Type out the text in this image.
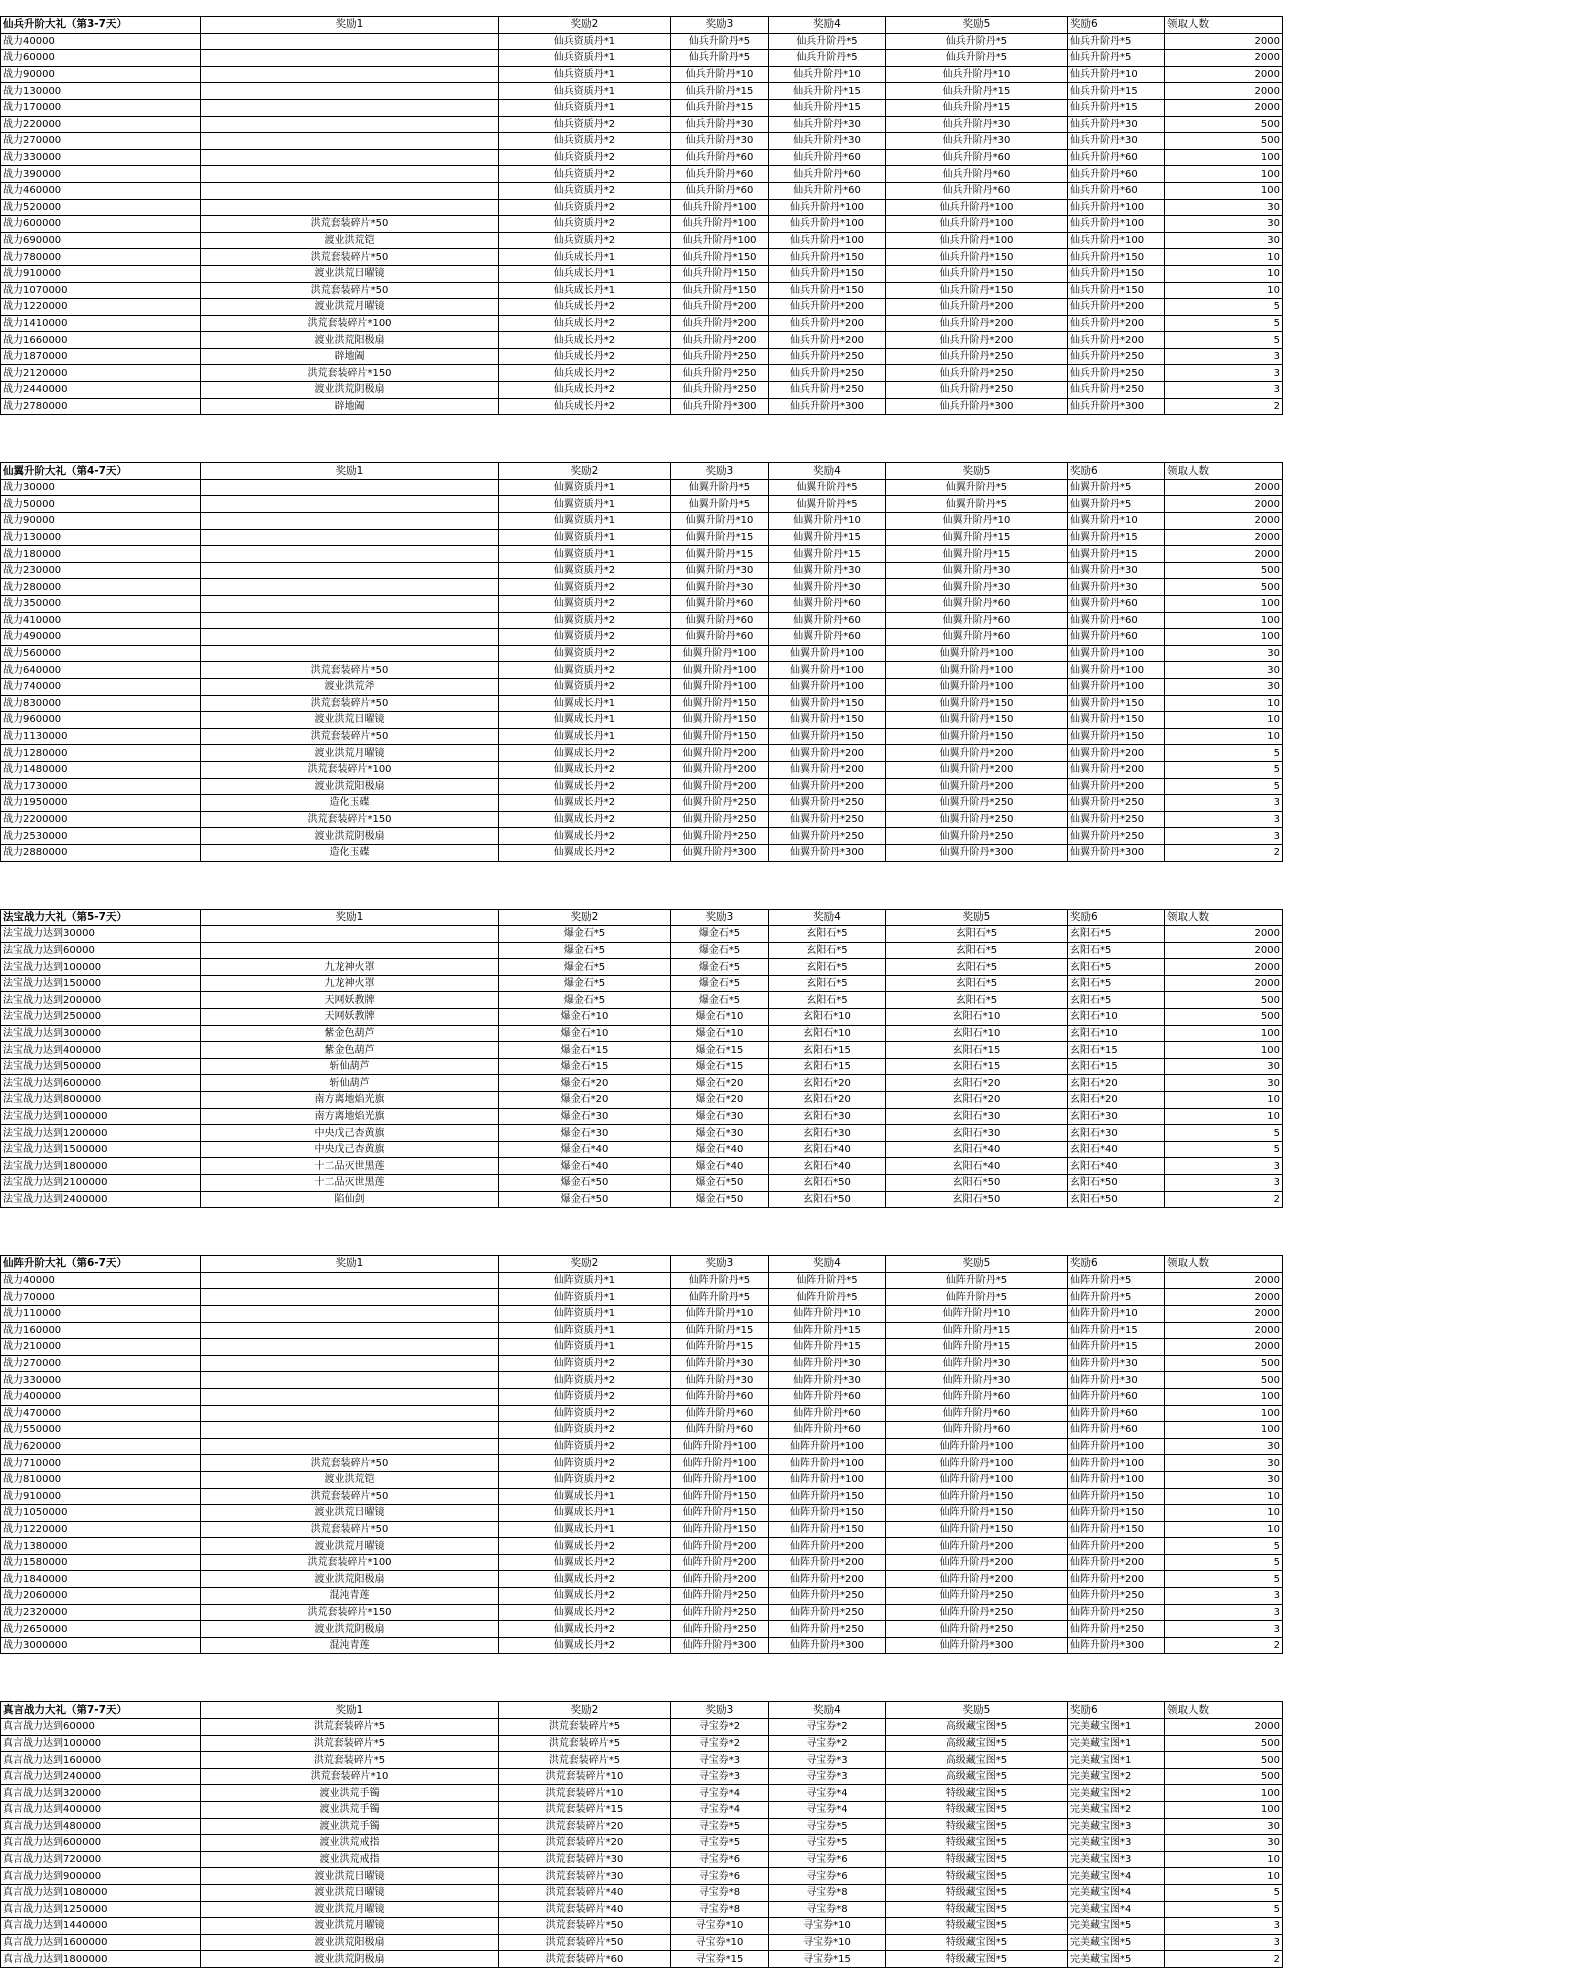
仙兵升阶大礼（第3-7天）	奖励1	奖励2	奖励3	奖励4	奖励5	奖励6	领取人数
战力40000		仙兵资质丹*1	仙兵升阶丹*5	仙兵升阶丹*5	仙兵升阶丹*5	仙兵升阶丹*5	2000
战力60000		仙兵资质丹*1	仙兵升阶丹*5	仙兵升阶丹*5	仙兵升阶丹*5	仙兵升阶丹*5	2000
战力90000		仙兵资质丹*1	仙兵升阶丹*10	仙兵升阶丹*10	仙兵升阶丹*10	仙兵升阶丹*10	2000
战力130000		仙兵资质丹*1	仙兵升阶丹*15	仙兵升阶丹*15	仙兵升阶丹*15	仙兵升阶丹*15	2000
战力170000		仙兵资质丹*1	仙兵升阶丹*15	仙兵升阶丹*15	仙兵升阶丹*15	仙兵升阶丹*15	2000
战力220000		仙兵资质丹*2	仙兵升阶丹*30	仙兵升阶丹*30	仙兵升阶丹*30	仙兵升阶丹*30	500
战力270000		仙兵资质丹*2	仙兵升阶丹*30	仙兵升阶丹*30	仙兵升阶丹*30	仙兵升阶丹*30	500
战力330000		仙兵资质丹*2	仙兵升阶丹*60	仙兵升阶丹*60	仙兵升阶丹*60	仙兵升阶丹*60	100
战力390000		仙兵资质丹*2	仙兵升阶丹*60	仙兵升阶丹*60	仙兵升阶丹*60	仙兵升阶丹*60	100
战力460000		仙兵资质丹*2	仙兵升阶丹*60	仙兵升阶丹*60	仙兵升阶丹*60	仙兵升阶丹*60	100
战力520000		仙兵资质丹*2	仙兵升阶丹*100	仙兵升阶丹*100	仙兵升阶丹*100	仙兵升阶丹*100	30
战力600000	洪荒套装碎片*50	仙兵资质丹*2	仙兵升阶丹*100	仙兵升阶丹*100	仙兵升阶丹*100	仙兵升阶丹*100	30
战力690000	渡业洪荒铠	仙兵资质丹*2	仙兵升阶丹*100	仙兵升阶丹*100	仙兵升阶丹*100	仙兵升阶丹*100	30
战力780000	洪荒套装碎片*50	仙兵成长丹*1	仙兵升阶丹*150	仙兵升阶丹*150	仙兵升阶丹*150	仙兵升阶丹*150	10
战力910000	渡业洪荒日曜镜	仙兵成长丹*1	仙兵升阶丹*150	仙兵升阶丹*150	仙兵升阶丹*150	仙兵升阶丹*150	10
战力1070000	洪荒套装碎片*50	仙兵成长丹*1	仙兵升阶丹*150	仙兵升阶丹*150	仙兵升阶丹*150	仙兵升阶丹*150	10
战力1220000	渡业洪荒月曜镜	仙兵成长丹*2	仙兵升阶丹*200	仙兵升阶丹*200	仙兵升阶丹*200	仙兵升阶丹*200	5
战力1410000	洪荒套装碎片*100	仙兵成长丹*2	仙兵升阶丹*200	仙兵升阶丹*200	仙兵升阶丹*200	仙兵升阶丹*200	5
战力1660000	渡业洪荒阳极扇	仙兵成长丹*2	仙兵升阶丹*200	仙兵升阶丹*200	仙兵升阶丹*200	仙兵升阶丹*200	5
战力1870000	辟地阖	仙兵成长丹*2	仙兵升阶丹*250	仙兵升阶丹*250	仙兵升阶丹*250	仙兵升阶丹*250	3
战力2120000	洪荒套装碎片*150	仙兵成长丹*2	仙兵升阶丹*250	仙兵升阶丹*250	仙兵升阶丹*250	仙兵升阶丹*250	3
战力2440000	渡业洪荒阴极扇	仙兵成长丹*2	仙兵升阶丹*250	仙兵升阶丹*250	仙兵升阶丹*250	仙兵升阶丹*250	3
战力2780000	辟地阖	仙兵成长丹*2	仙兵升阶丹*300	仙兵升阶丹*300	仙兵升阶丹*300	仙兵升阶丹*300	2
仙翼升阶大礼（第4-7天）	奖励1	奖励2	奖励3	奖励4	奖励5	奖励6	领取人数
战力30000		仙翼资质丹*1	仙翼升阶丹*5	仙翼升阶丹*5	仙翼升阶丹*5	仙翼升阶丹*5	2000
战力50000		仙翼资质丹*1	仙翼升阶丹*5	仙翼升阶丹*5	仙翼升阶丹*5	仙翼升阶丹*5	2000
战力90000		仙翼资质丹*1	仙翼升阶丹*10	仙翼升阶丹*10	仙翼升阶丹*10	仙翼升阶丹*10	2000
战力130000		仙翼资质丹*1	仙翼升阶丹*15	仙翼升阶丹*15	仙翼升阶丹*15	仙翼升阶丹*15	2000
战力180000		仙翼资质丹*1	仙翼升阶丹*15	仙翼升阶丹*15	仙翼升阶丹*15	仙翼升阶丹*15	2000
战力230000		仙翼资质丹*2	仙翼升阶丹*30	仙翼升阶丹*30	仙翼升阶丹*30	仙翼升阶丹*30	500
战力280000		仙翼资质丹*2	仙翼升阶丹*30	仙翼升阶丹*30	仙翼升阶丹*30	仙翼升阶丹*30	500
战力350000		仙翼资质丹*2	仙翼升阶丹*60	仙翼升阶丹*60	仙翼升阶丹*60	仙翼升阶丹*60	100
战力410000		仙翼资质丹*2	仙翼升阶丹*60	仙翼升阶丹*60	仙翼升阶丹*60	仙翼升阶丹*60	100
战力490000		仙翼资质丹*2	仙翼升阶丹*60	仙翼升阶丹*60	仙翼升阶丹*60	仙翼升阶丹*60	100
战力560000		仙翼资质丹*2	仙翼升阶丹*100	仙翼升阶丹*100	仙翼升阶丹*100	仙翼升阶丹*100	30
战力640000	洪荒套装碎片*50	仙翼资质丹*2	仙翼升阶丹*100	仙翼升阶丹*100	仙翼升阶丹*100	仙翼升阶丹*100	30
战力740000	渡业洪荒斧	仙翼资质丹*2	仙翼升阶丹*100	仙翼升阶丹*100	仙翼升阶丹*100	仙翼升阶丹*100	30
战力830000	洪荒套装碎片*50	仙翼成长丹*1	仙翼升阶丹*150	仙翼升阶丹*150	仙翼升阶丹*150	仙翼升阶丹*150	10
战力960000	渡业洪荒日曜镜	仙翼成长丹*1	仙翼升阶丹*150	仙翼升阶丹*150	仙翼升阶丹*150	仙翼升阶丹*150	10
战力1130000	洪荒套装碎片*50	仙翼成长丹*1	仙翼升阶丹*150	仙翼升阶丹*150	仙翼升阶丹*150	仙翼升阶丹*150	10
战力1280000	渡业洪荒月曜镜	仙翼成长丹*2	仙翼升阶丹*200	仙翼升阶丹*200	仙翼升阶丹*200	仙翼升阶丹*200	5
战力1480000	洪荒套装碎片*100	仙翼成长丹*2	仙翼升阶丹*200	仙翼升阶丹*200	仙翼升阶丹*200	仙翼升阶丹*200	5
战力1730000	渡业洪荒阳极扇	仙翼成长丹*2	仙翼升阶丹*200	仙翼升阶丹*200	仙翼升阶丹*200	仙翼升阶丹*200	5
战力1950000	造化玉碟	仙翼成长丹*2	仙翼升阶丹*250	仙翼升阶丹*250	仙翼升阶丹*250	仙翼升阶丹*250	3
战力2200000	洪荒套装碎片*150	仙翼成长丹*2	仙翼升阶丹*250	仙翼升阶丹*250	仙翼升阶丹*250	仙翼升阶丹*250	3
战力2530000	渡业洪荒阴极扇	仙翼成长丹*2	仙翼升阶丹*250	仙翼升阶丹*250	仙翼升阶丹*250	仙翼升阶丹*250	3
战力2880000	造化玉碟	仙翼成长丹*2	仙翼升阶丹*300	仙翼升阶丹*300	仙翼升阶丹*300	仙翼升阶丹*300	2
法宝战力大礼（第5-7天）	奖励1	奖励2	奖励3	奖励4	奖励5	奖励6	领取人数
法宝战力达到30000		爆金石*5	爆金石*5	玄阳石*5	玄阳石*5	玄阳石*5	2000
法宝战力达到60000		爆金石*5	爆金石*5	玄阳石*5	玄阳石*5	玄阳石*5	2000
法宝战力达到100000	九龙神火罩	爆金石*5	爆金石*5	玄阳石*5	玄阳石*5	玄阳石*5	2000
法宝战力达到150000	九龙神火罩	爆金石*5	爆金石*5	玄阳石*5	玄阳石*5	玄阳石*5	2000
法宝战力达到200000	天网妖教牌	爆金石*5	爆金石*5	玄阳石*5	玄阳石*5	玄阳石*5	500
法宝战力达到250000	天网妖教牌	爆金石*10	爆金石*10	玄阳石*10	玄阳石*10	玄阳石*10	500
法宝战力达到300000	紫金色葫芦	爆金石*10	爆金石*10	玄阳石*10	玄阳石*10	玄阳石*10	100
法宝战力达到400000	紫金色葫芦	爆金石*15	爆金石*15	玄阳石*15	玄阳石*15	玄阳石*15	100
法宝战力达到500000	斩仙葫芦	爆金石*15	爆金石*15	玄阳石*15	玄阳石*15	玄阳石*15	30
法宝战力达到600000	斩仙葫芦	爆金石*20	爆金石*20	玄阳石*20	玄阳石*20	玄阳石*20	30
法宝战力达到800000	南方离地焰光旗	爆金石*20	爆金石*20	玄阳石*20	玄阳石*20	玄阳石*20	10
法宝战力达到1000000	南方离地焰光旗	爆金石*30	爆金石*30	玄阳石*30	玄阳石*30	玄阳石*30	10
法宝战力达到1200000	中央戊己杏黄旗	爆金石*30	爆金石*30	玄阳石*30	玄阳石*30	玄阳石*30	5
法宝战力达到1500000	中央戊己杏黄旗	爆金石*40	爆金石*40	玄阳石*40	玄阳石*40	玄阳石*40	5
法宝战力达到1800000	十二品灭世黑莲	爆金石*40	爆金石*40	玄阳石*40	玄阳石*40	玄阳石*40	3
法宝战力达到2100000	十二品灭世黑莲	爆金石*50	爆金石*50	玄阳石*50	玄阳石*50	玄阳石*50	3
法宝战力达到2400000	陷仙剑	爆金石*50	爆金石*50	玄阳石*50	玄阳石*50	玄阳石*50	2
仙阵升阶大礼（第6-7天）	奖励1	奖励2	奖励3	奖励4	奖励5	奖励6	领取人数
战力40000		仙阵资质丹*1	仙阵升阶丹*5	仙阵升阶丹*5	仙阵升阶丹*5	仙阵升阶丹*5	2000
战力70000		仙阵资质丹*1	仙阵升阶丹*5	仙阵升阶丹*5	仙阵升阶丹*5	仙阵升阶丹*5	2000
战力110000		仙阵资质丹*1	仙阵升阶丹*10	仙阵升阶丹*10	仙阵升阶丹*10	仙阵升阶丹*10	2000
战力160000		仙阵资质丹*1	仙阵升阶丹*15	仙阵升阶丹*15	仙阵升阶丹*15	仙阵升阶丹*15	2000
战力210000		仙阵资质丹*1	仙阵升阶丹*15	仙阵升阶丹*15	仙阵升阶丹*15	仙阵升阶丹*15	2000
战力270000		仙阵资质丹*2	仙阵升阶丹*30	仙阵升阶丹*30	仙阵升阶丹*30	仙阵升阶丹*30	500
战力330000		仙阵资质丹*2	仙阵升阶丹*30	仙阵升阶丹*30	仙阵升阶丹*30	仙阵升阶丹*30	500
战力400000		仙阵资质丹*2	仙阵升阶丹*60	仙阵升阶丹*60	仙阵升阶丹*60	仙阵升阶丹*60	100
战力470000		仙阵资质丹*2	仙阵升阶丹*60	仙阵升阶丹*60	仙阵升阶丹*60	仙阵升阶丹*60	100
战力550000		仙阵资质丹*2	仙阵升阶丹*60	仙阵升阶丹*60	仙阵升阶丹*60	仙阵升阶丹*60	100
战力620000		仙阵资质丹*2	仙阵升阶丹*100	仙阵升阶丹*100	仙阵升阶丹*100	仙阵升阶丹*100	30
战力710000	洪荒套装碎片*50	仙阵资质丹*2	仙阵升阶丹*100	仙阵升阶丹*100	仙阵升阶丹*100	仙阵升阶丹*100	30
战力810000	渡业洪荒铠	仙阵资质丹*2	仙阵升阶丹*100	仙阵升阶丹*100	仙阵升阶丹*100	仙阵升阶丹*100	30
战力910000	洪荒套装碎片*50	仙翼成长丹*1	仙阵升阶丹*150	仙阵升阶丹*150	仙阵升阶丹*150	仙阵升阶丹*150	10
战力1050000	渡业洪荒日曜镜	仙翼成长丹*1	仙阵升阶丹*150	仙阵升阶丹*150	仙阵升阶丹*150	仙阵升阶丹*150	10
战力1220000	洪荒套装碎片*50	仙翼成长丹*1	仙阵升阶丹*150	仙阵升阶丹*150	仙阵升阶丹*150	仙阵升阶丹*150	10
战力1380000	渡业洪荒月曜镜	仙翼成长丹*2	仙阵升阶丹*200	仙阵升阶丹*200	仙阵升阶丹*200	仙阵升阶丹*200	5
战力1580000	洪荒套装碎片*100	仙翼成长丹*2	仙阵升阶丹*200	仙阵升阶丹*200	仙阵升阶丹*200	仙阵升阶丹*200	5
战力1840000	渡业洪荒阳极扇	仙翼成长丹*2	仙阵升阶丹*200	仙阵升阶丹*200	仙阵升阶丹*200	仙阵升阶丹*200	5
战力2060000	混沌青莲	仙翼成长丹*2	仙阵升阶丹*250	仙阵升阶丹*250	仙阵升阶丹*250	仙阵升阶丹*250	3
战力2320000	洪荒套装碎片*150	仙翼成长丹*2	仙阵升阶丹*250	仙阵升阶丹*250	仙阵升阶丹*250	仙阵升阶丹*250	3
战力2650000	渡业洪荒阴极扇	仙翼成长丹*2	仙阵升阶丹*250	仙阵升阶丹*250	仙阵升阶丹*250	仙阵升阶丹*250	3
战力3000000	混沌青莲	仙翼成长丹*2	仙阵升阶丹*300	仙阵升阶丹*300	仙阵升阶丹*300	仙阵升阶丹*300	2
真言战力大礼（第7-7天）	奖励1	奖励2	奖励3	奖励4	奖励5	奖励6	领取人数
真言战力达到60000	洪荒套装碎片*5	洪荒套装碎片*5	寻宝券*2	寻宝券*2	高级藏宝图*5	完美藏宝图*1	2000
真言战力达到100000	洪荒套装碎片*5	洪荒套装碎片*5	寻宝券*2	寻宝券*2	高级藏宝图*5	完美藏宝图*1	500
真言战力达到160000	洪荒套装碎片*5	洪荒套装碎片*5	寻宝券*3	寻宝券*3	高级藏宝图*5	完美藏宝图*1	500
真言战力达到240000	洪荒套装碎片*10	洪荒套装碎片*10	寻宝券*3	寻宝券*3	高级藏宝图*5	完美藏宝图*2	500
真言战力达到320000	渡业洪荒手镯	洪荒套装碎片*10	寻宝券*4	寻宝券*4	特级藏宝图*5	完美藏宝图*2	100
真言战力达到400000	渡业洪荒手镯	洪荒套装碎片*15	寻宝券*4	寻宝券*4	特级藏宝图*5	完美藏宝图*2	100
真言战力达到480000	渡业洪荒手镯	洪荒套装碎片*20	寻宝券*5	寻宝券*5	特级藏宝图*5	完美藏宝图*3	30
真言战力达到600000	渡业洪荒戒指	洪荒套装碎片*20	寻宝券*5	寻宝券*5	特级藏宝图*5	完美藏宝图*3	30
真言战力达到720000	渡业洪荒戒指	洪荒套装碎片*30	寻宝券*6	寻宝券*6	特级藏宝图*5	完美藏宝图*3	10
真言战力达到900000	渡业洪荒日曜镜	洪荒套装碎片*30	寻宝券*6	寻宝券*6	特级藏宝图*5	完美藏宝图*4	10
真言战力达到1080000	渡业洪荒日曜镜	洪荒套装碎片*40	寻宝券*8	寻宝券*8	特级藏宝图*5	完美藏宝图*4	5
真言战力达到1250000	渡业洪荒月曜镜	洪荒套装碎片*40	寻宝券*8	寻宝券*8	特级藏宝图*5	完美藏宝图*4	5
真言战力达到1440000	渡业洪荒月曜镜	洪荒套装碎片*50	寻宝券*10	寻宝券*10	特级藏宝图*5	完美藏宝图*5	3
真言战力达到1600000	渡业洪荒阳极扇	洪荒套装碎片*50	寻宝券*10	寻宝券*10	特级藏宝图*5	完美藏宝图*5	3
真言战力达到1800000	渡业洪荒阴极扇	洪荒套装碎片*60	寻宝券*15	寻宝券*15	特级藏宝图*5	完美藏宝图*5	2
